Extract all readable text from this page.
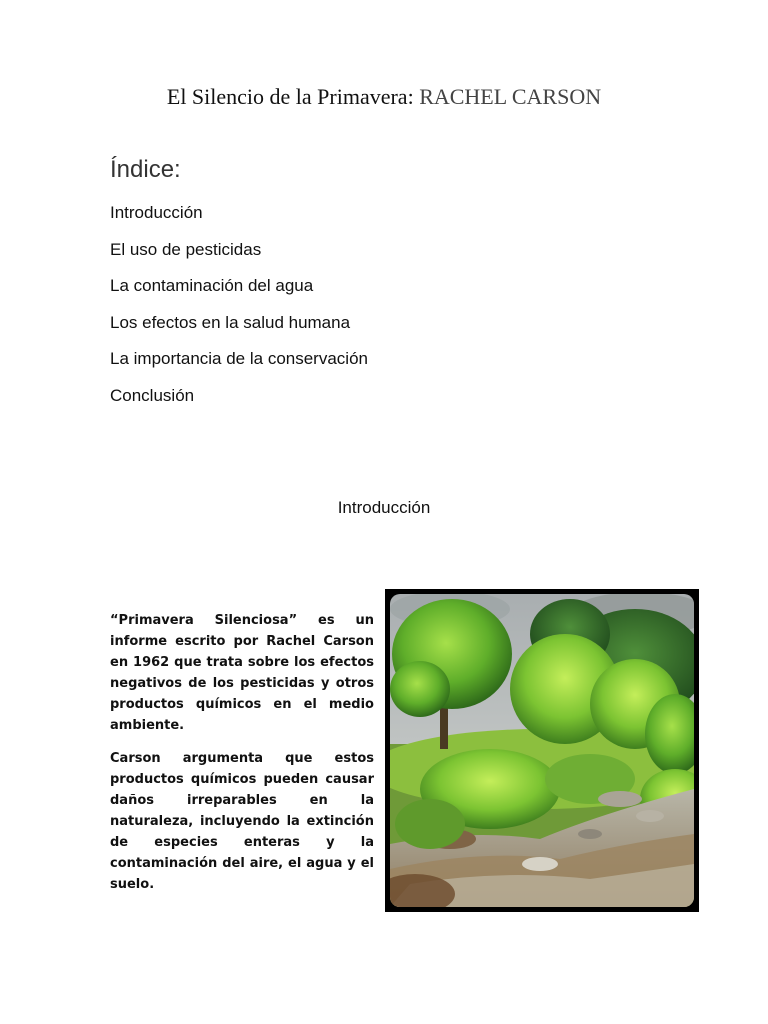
El Silencio de la Primavera: RACHEL CARSON
Índice:
Introducción
El uso de pesticidas
La contaminación del agua
Los efectos en la salud humana
La importancia de la conservación
Conclusión
Introducción

“Primavera Silenciosa” es un informe escrito por Rachel Carson en 1962 que trata sobre los efectos negativos de los pesticidas y otros productos químicos en el medio ambiente.

Carson argumenta que estos productos químicos pueden causar daños irreparables en la naturaleza, incluyendo la extinción de especies enteras y la contaminación del aire, el agua y el suelo.
